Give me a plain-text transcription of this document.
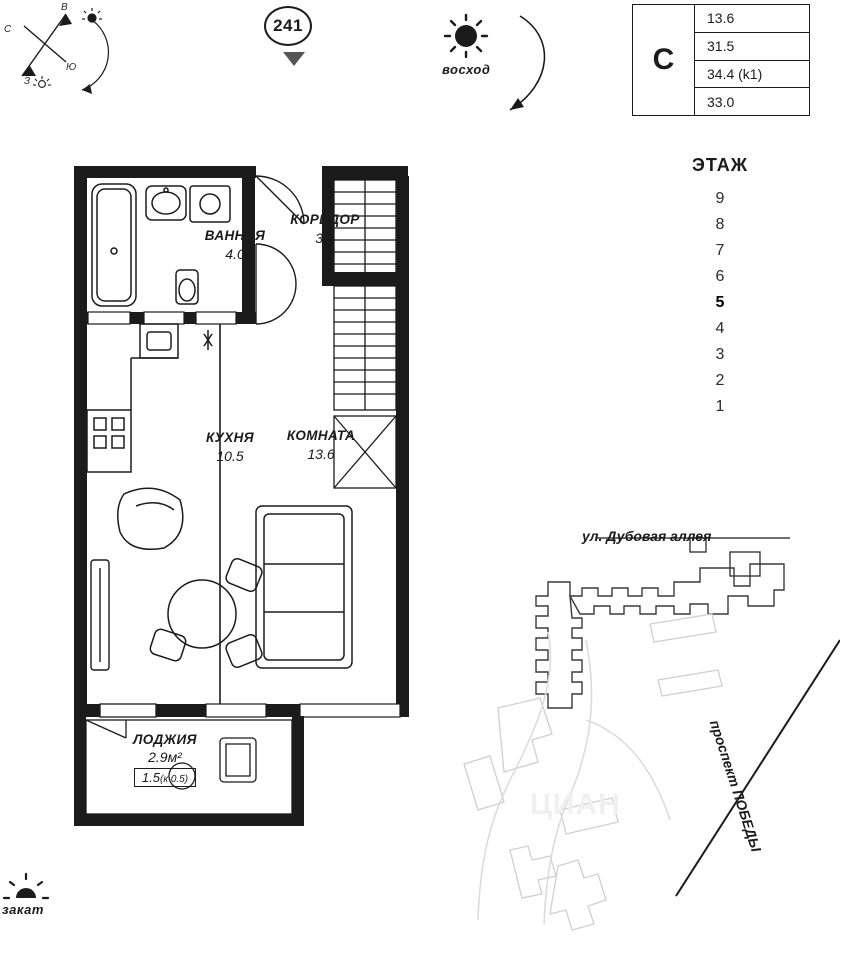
В
С
З
Ю
241
восход
закат
C
13.6
31.5
34.4 (k1)
33.0
ЭТАЖ
9
8
7
6
5
4
3
2
1
ВАННАЯ
4.0
КОРИДОР
3.4
КУХНЯ
10.5
КОМНАТА
13.6
ЛОДЖИЯ
2.9м²
1.5(к 0.5)
ул. Дубовая аллея
проспект ПОБЕДЫ
ЦИАН
